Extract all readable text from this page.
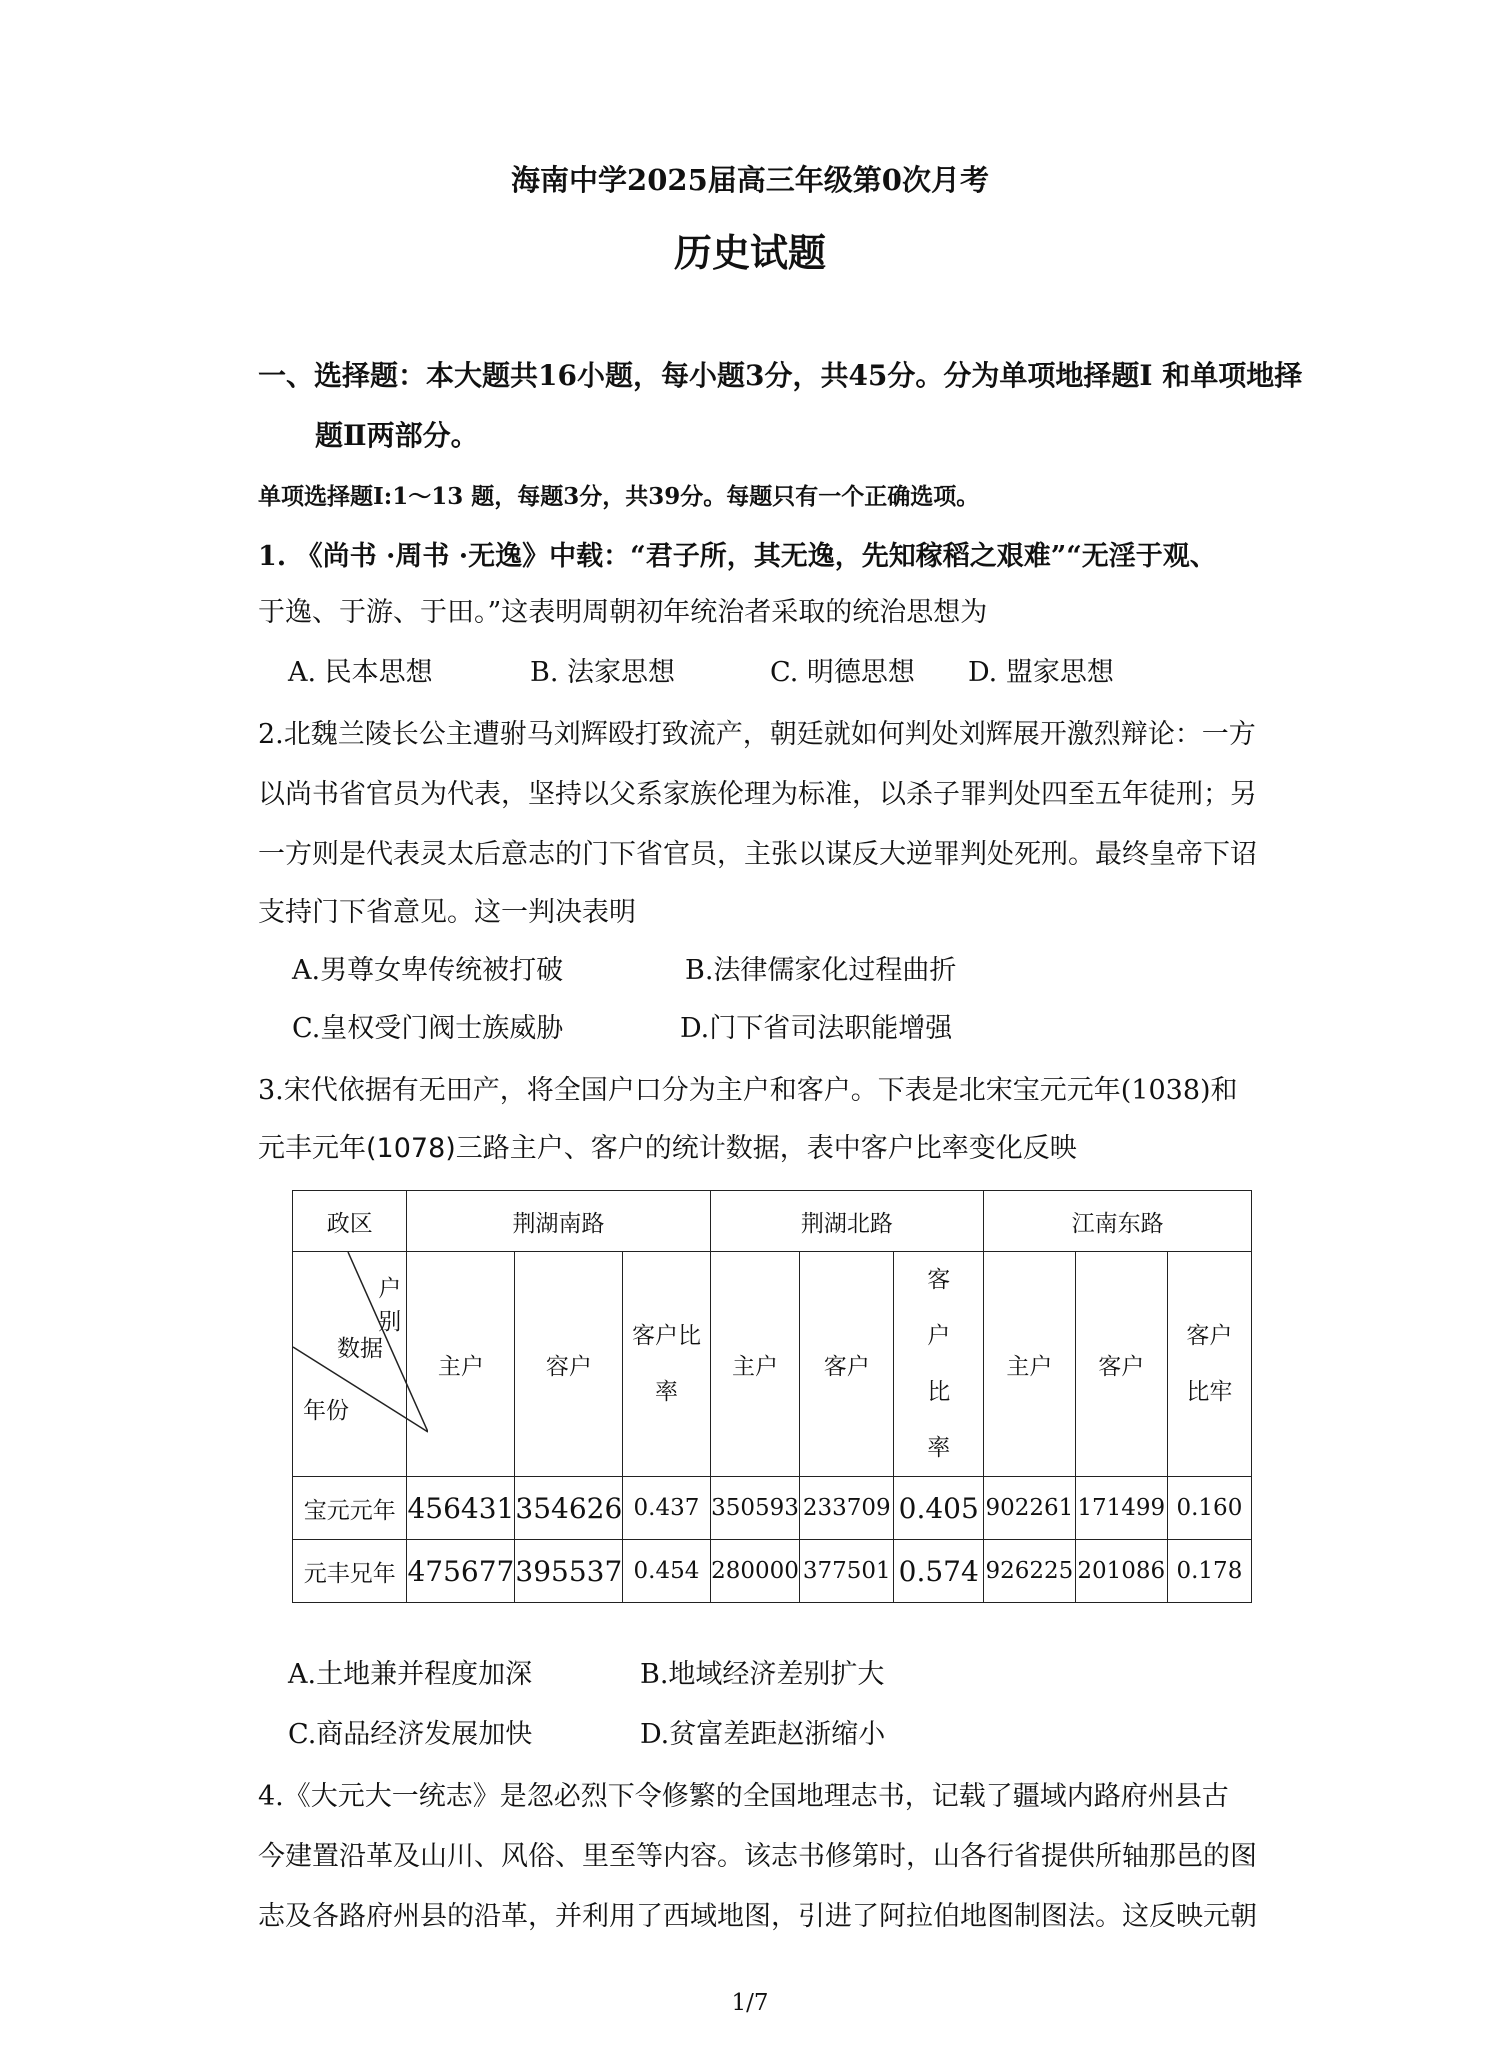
海南中学2025届高三年级第0次月考
历史试题
一、选择题：本大题共16小题，每小题3分，共45分。分为单项地择题I 和单项地择
题Ⅱ两部分。
单项选择题I:1～13 题，每题3分，共39分。每题只有一个正确选项。
1. 《尚书 ·周书 ·无逸》中载：“君子所，其无逸，先知稼稻之艰难”“无淫于观、
于逸、于游、于田。”这表明周朝初年统治者采取的统治思想为
A. 民本思想	B. 法家思想	C. 明德思想 D. 盟家思想
2.北魏兰陵长公主遭驸马刘辉殴打致流产，朝廷就如何判处刘辉展开激烈辩论：一方
以尚书省官员为代表，坚持以父系家族伦理为标准，以杀子罪判处四至五年徒刑；另
一方则是代表灵太后意志的门下省官员，主张以谋反大逆罪判处死刑。最终皇帝下诏
支持门下省意见。这一判决表明
A.男尊女卑传统被打破	B.法律儒家化过程曲折
C.皇权受门阀士族威胁	D.门下省司法职能增强
3.宋代依据有无田产，将全国户口分为主户和客户。下表是北宋宝元元年(1038)和
元丰元年(1078)三路主户、客户的统计数据，表中客户比率变化反映
政区	荆湖南路			荆湖北路			江南东路		

户别
数据
年份	主户	容户	客户比率	主户	客户	客户比率	主户	客户	客户比牢
宝元元年	456431	354626	0.437	350593	233709	0.405	902261	171499	0.160
元丰兄年	475677	395537	0.454	280000	377501	0.574	926225	201086	0.178
A.土地兼并程度加深	B.地域经济差别扩大
C.商品经济发展加快	D.贫富差距赵浙缩小
4.《大元大一统志》是忽必烈下令修繁的全国地理志书，记载了疆域内路府州县古
今建置沿革及山川、风俗、里至等内容。该志书修第时，山各行省提供所轴那邑的图
志及各路府州县的沿革，并利用了西域地图，引进了阿拉伯地图制图法。这反映元朝
1/7
